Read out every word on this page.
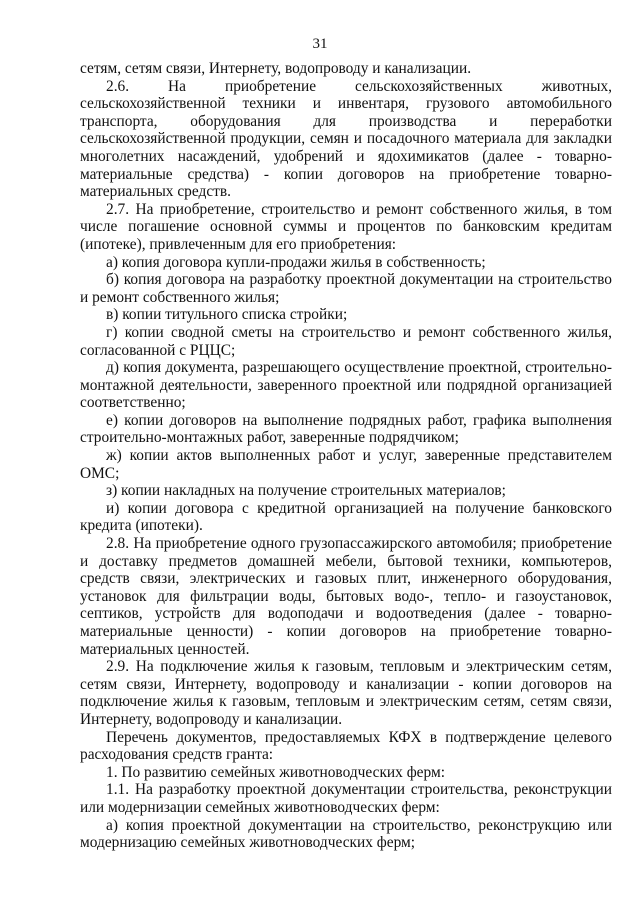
31

сетям, сетям связи, Интернету, водопроводу и канализации.

2.6. На приобретение сельскохозяйственных животных, сельскохозяйственной техники и инвентаря, грузового автомобильного транспорта, оборудования для производства и переработки сельскохозяйственной продукции, семян и посадочного материала для закладки многолетних насаждений, удобрений и ядохимикатов (далее - товарно-материальные средства) - копии договоров на приобретение товарно-материальных средств.

2.7. На приобретение, строительство и ремонт собственного жилья, в том числе погашение основной суммы и процентов по банковским кредитам (ипотеке), привлеченным для его приобретения:

а) копия договора купли-продажи жилья в собственность;

б) копия договора на разработку проектной документации на строительство и ремонт собственного жилья;

в) копии титульного списка стройки;

г) копии сводной сметы на строительство и ремонт собственного жилья, согласованной с РЦЦС;

д) копия документа, разрешающего осуществление проектной, строительно-монтажной деятельности, заверенного проектной или подрядной организацией соответственно;

е) копии договоров на выполнение подрядных работ, графика выполнения строительно-монтажных работ, заверенные подрядчиком;

ж) копии актов выполненных работ и услуг, заверенные представителем ОМС;

з) копии накладных на получение строительных материалов;

и) копии договора с кредитной организацией на получение банковского кредита (ипотеки).

2.8. На приобретение одного грузопассажирского автомобиля; приобретение и доставку предметов домашней мебели, бытовой техники, компьютеров, средств связи, электрических и газовых плит, инженерного оборудования, установок для фильтрации воды, бытовых водо-, тепло- и газоустановок, септиков, устройств для водоподачи и водоотведения (далее - товарно-материальные ценности) - копии договоров на приобретение товарно-материальных ценностей.

2.9. На подключение жилья к газовым, тепловым и электрическим сетям, сетям связи, Интернету, водопроводу и канализации - копии договоров на подключение жилья к газовым, тепловым и электрическим сетям, сетям связи, Интернету, водопроводу и канализации.

Перечень документов, предоставляемых КФХ в подтверждение целевого расходования средств гранта:

1. По развитию семейных животноводческих ферм:

1.1. На разработку проектной документации строительства, реконструкции или модернизации семейных животноводческих ферм:

а) копия проектной документации на строительство, реконструкцию или модернизацию семейных животноводческих ферм;
